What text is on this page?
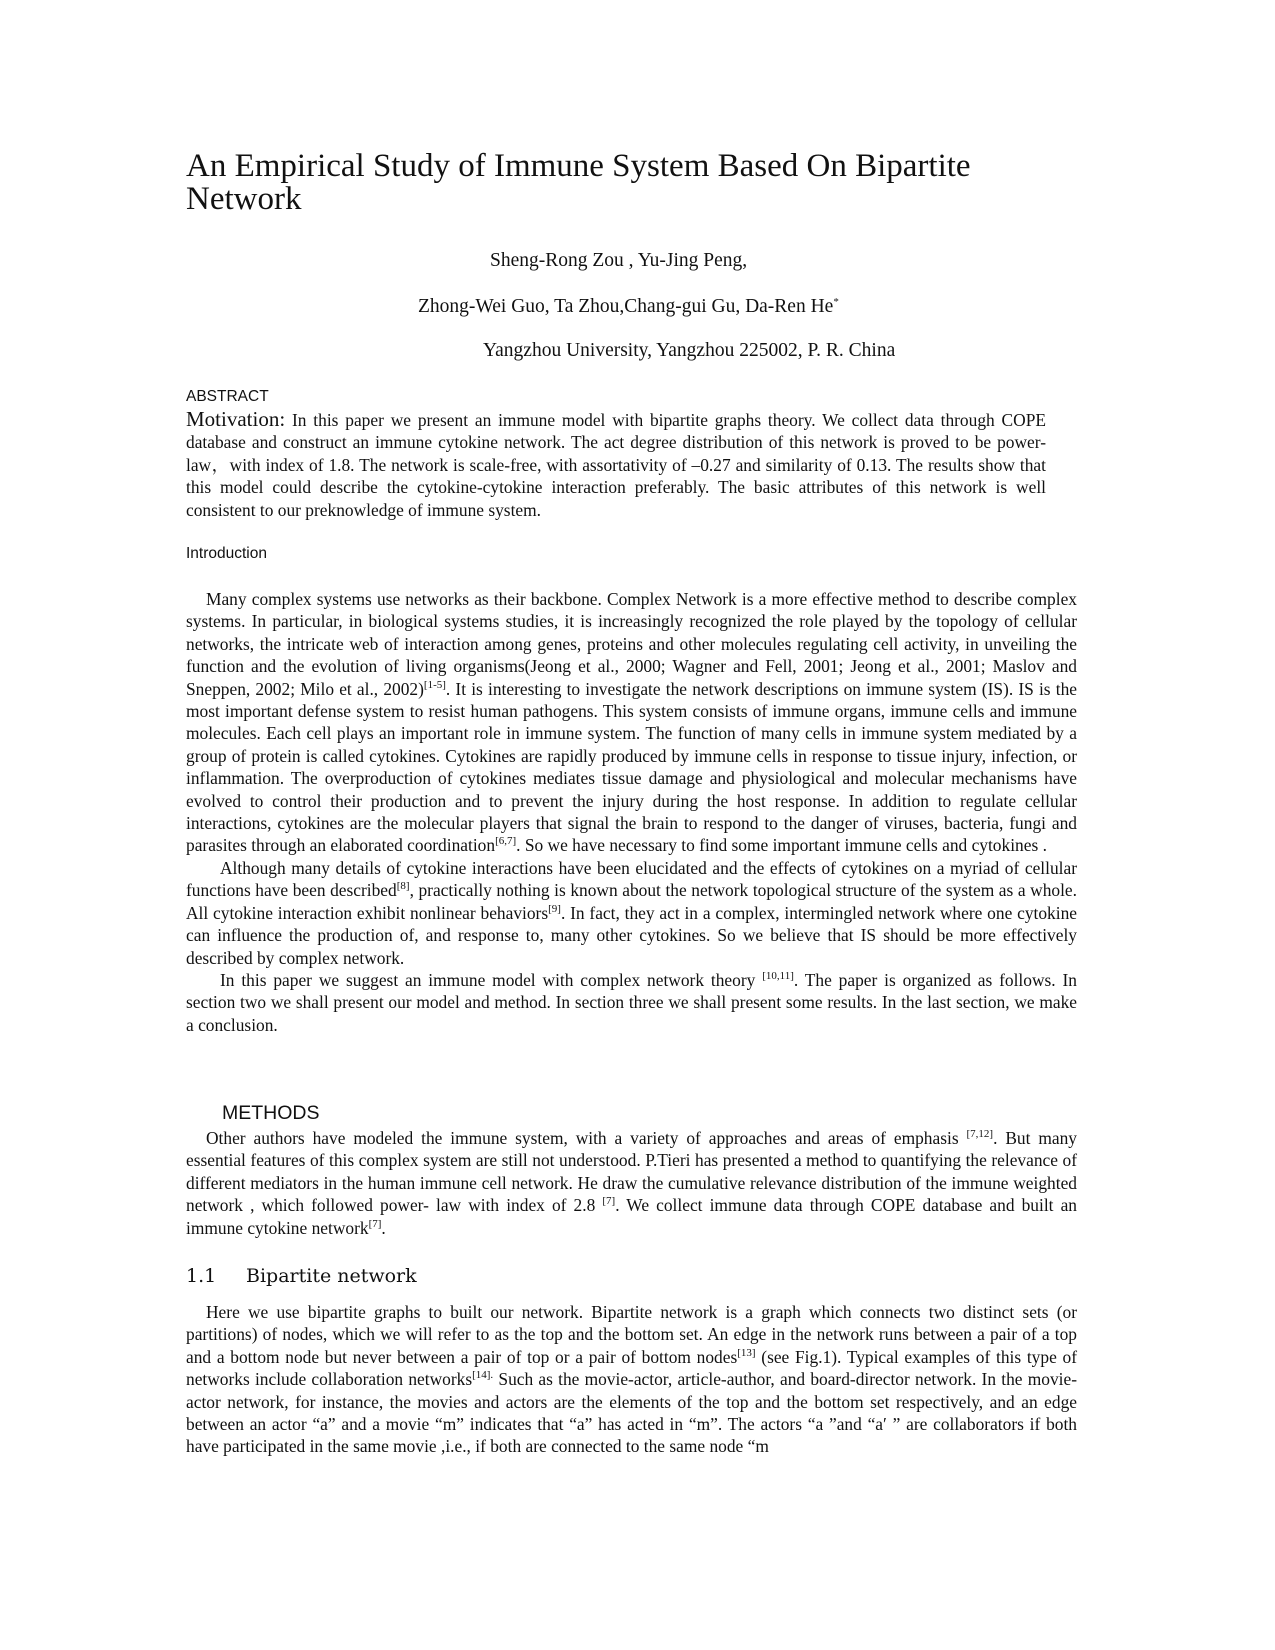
An Empirical Study of Immune System Based On Bipartite Network

Sheng-Rong Zou , Yu-Jing Peng,

Zhong-Wei Guo, Ta Zhou,Chang-gui Gu, Da-Ren He*

Yangzhou University, Yangzhou 225002, P. R. China

ABSTRACT

Motivation: In this paper we present an immune model with bipartite graphs theory. We collect data through COPE database and construct an immune cytokine network. The act degree distribution of this network is proved to be power-law，with index of 1.8. The network is scale-free, with assortativity of –0.27 and similarity of 0.13. The results show that this model could describe the cytokine-cytokine interaction preferably. The basic attributes of this network is well consistent to our preknowledge of immune system.

Introduction

Many complex systems use networks as their backbone. Complex Network is a more effective method to describe complex systems. In particular, in biological systems studies, it is increasingly recognized the role played by the topology of cellular networks, the intricate web of interaction among genes, proteins and other molecules regulating cell activity, in unveiling the function and the evolution of living organisms(Jeong et al., 2000; Wagner and Fell, 2001; Jeong et al., 2001; Maslov and Sneppen, 2002; Milo et al., 2002)[1-5]. It is interesting to investigate the network descriptions on immune system (IS). IS is the most important defense system to resist human pathogens. This system consists of immune organs, immune cells and immune molecules. Each cell plays an important role in immune system. The function of many cells in immune system mediated by a group of protein is called cytokines. Cytokines are rapidly produced by immune cells in response to tissue injury, infection, or inflammation. The overproduction of cytokines mediates tissue damage and physiological and molecular mechanisms have evolved to control their production and to prevent the injury during the host response. In addition to regulate cellular interactions, cytokines are the molecular players that signal the brain to respond to the danger of viruses, bacteria, fungi and parasites through an elaborated coordination[6,7]. So we have necessary to find some important immune cells and cytokines .

Although many details of cytokine interactions have been elucidated and the effects of cytokines on a myriad of cellular functions have been described[8], practically nothing is known about the network topological structure of the system as a whole. All cytokine interaction exhibit nonlinear behaviors[9]. In fact, they act in a complex, intermingled network where one cytokine can influence the production of, and response to, many other cytokines. So we believe that IS should be more effectively described by complex network.

In this paper we suggest an immune model with complex network theory [10,11]. The paper is organized as follows. In section two we shall present our model and method. In section three we shall present some results. In the last section, we make a conclusion.

METHODS

Other authors have modeled the immune system, with a variety of approaches and areas of emphasis [7,12]. But many essential features of this complex system are still not understood. P.Tieri has presented a method to quantifying the relevance of different mediators in the human immune cell network. He draw the cumulative relevance distribution of the immune weighted network , which followed power- law with index of 2.8 [7]. We collect immune data through COPE database and built an immune cytokine network[7].

1.1 Bipartite network

Here we use bipartite graphs to built our network. Bipartite network is a graph which connects two distinct sets (or partitions) of nodes, which we will refer to as the top and the bottom set. An edge in the network runs between a pair of a top and a bottom node but never between a pair of top or a pair of bottom nodes[13] (see Fig.1). Typical examples of this type of networks include collaboration networks$^{[14].}$ Such as the movie-actor, article-author, and board-director network. In the movie-actor network, for instance, the movies and actors are the elements of the top and the bottom set respectively, and an edge between an actor “a” and a movie “m” indicates that “a” has acted in “m”. The actors “a ”and “a′ ” are collaborators if both have participated in the same movie ,i.e., if both are connected to the same node “m
